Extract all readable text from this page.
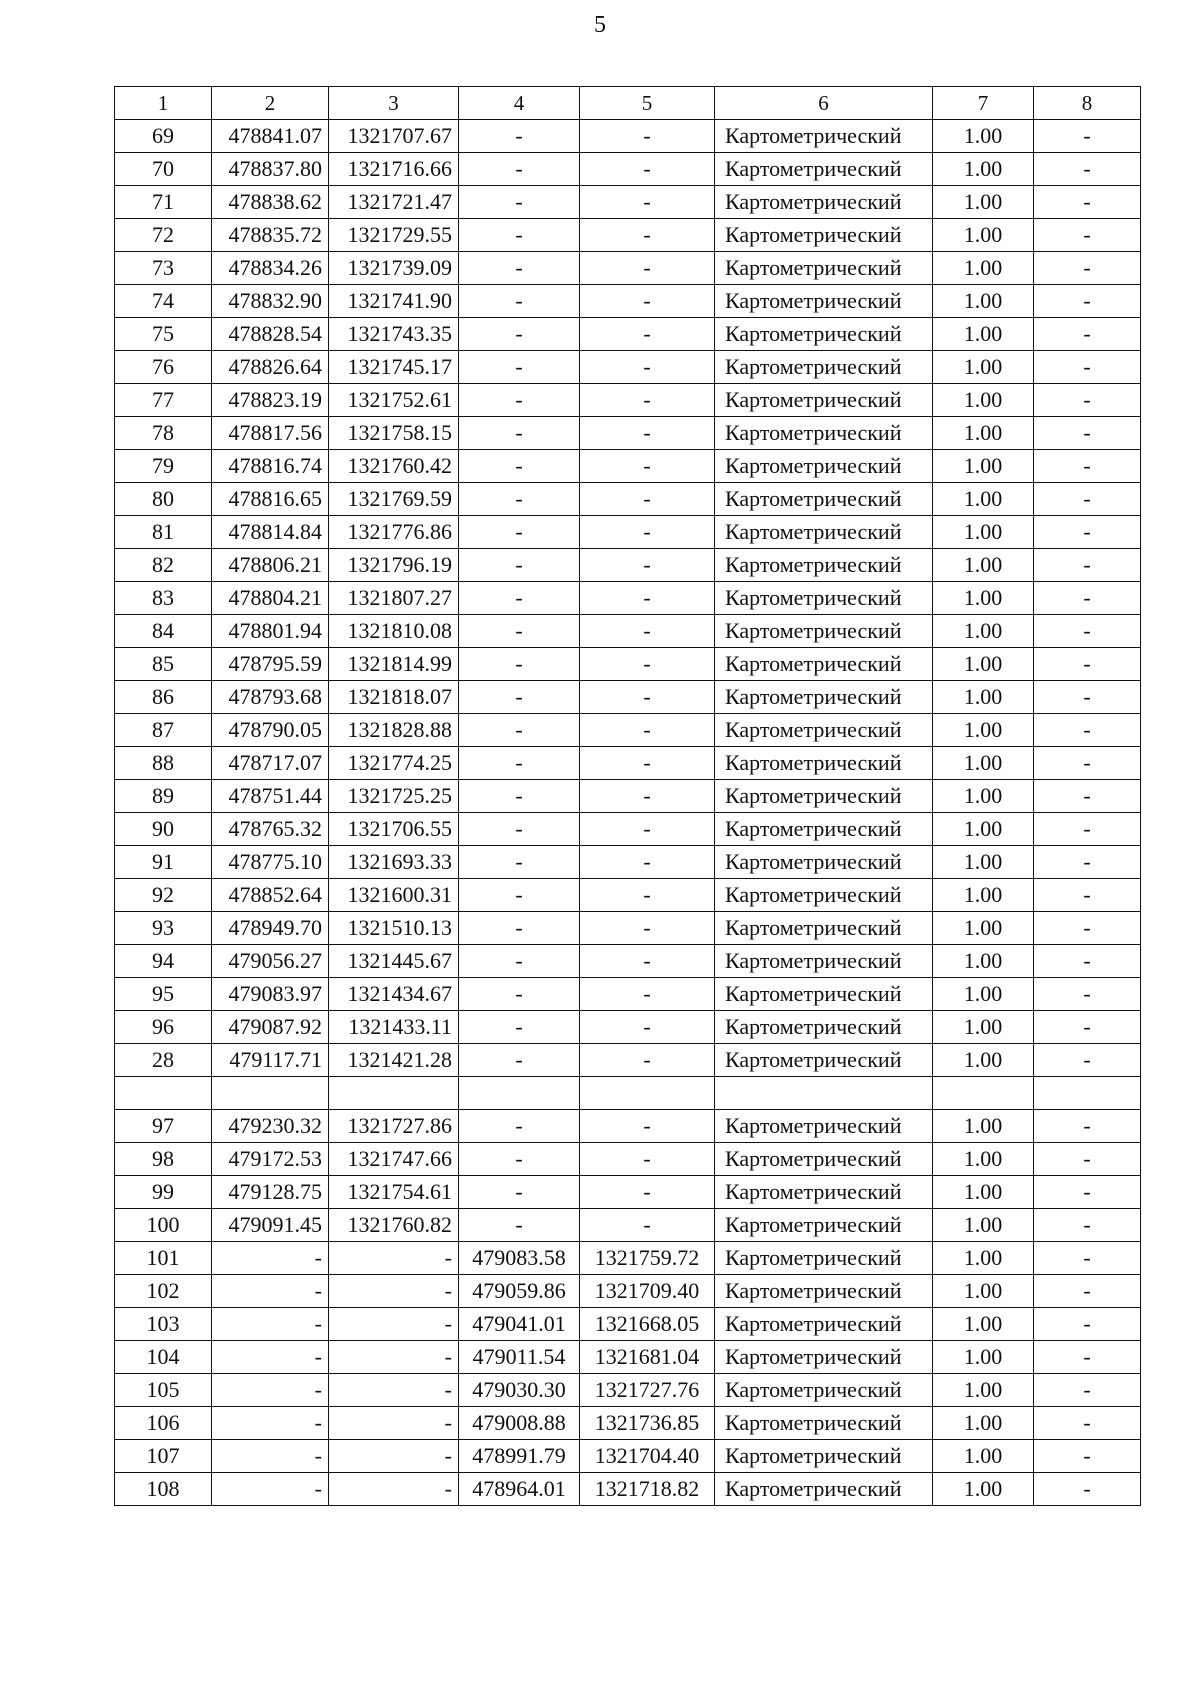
5
1	2	3	4	5	6	7	8
69	478841.07	1321707.67	-	-	Картометрический	1.00	-
70	478837.80	1321716.66	-	-	Картометрический	1.00	-
71	478838.62	1321721.47	-	-	Картометрический	1.00	-
72	478835.72	1321729.55	-	-	Картометрический	1.00	-
73	478834.26	1321739.09	-	-	Картометрический	1.00	-
74	478832.90	1321741.90	-	-	Картометрический	1.00	-
75	478828.54	1321743.35	-	-	Картометрический	1.00	-
76	478826.64	1321745.17	-	-	Картометрический	1.00	-
77	478823.19	1321752.61	-	-	Картометрический	1.00	-
78	478817.56	1321758.15	-	-	Картометрический	1.00	-
79	478816.74	1321760.42	-	-	Картометрический	1.00	-
80	478816.65	1321769.59	-	-	Картометрический	1.00	-
81	478814.84	1321776.86	-	-	Картометрический	1.00	-
82	478806.21	1321796.19	-	-	Картометрический	1.00	-
83	478804.21	1321807.27	-	-	Картометрический	1.00	-
84	478801.94	1321810.08	-	-	Картометрический	1.00	-
85	478795.59	1321814.99	-	-	Картометрический	1.00	-
86	478793.68	1321818.07	-	-	Картометрический	1.00	-
87	478790.05	1321828.88	-	-	Картометрический	1.00	-
88	478717.07	1321774.25	-	-	Картометрический	1.00	-
89	478751.44	1321725.25	-	-	Картометрический	1.00	-
90	478765.32	1321706.55	-	-	Картометрический	1.00	-
91	478775.10	1321693.33	-	-	Картометрический	1.00	-
92	478852.64	1321600.31	-	-	Картометрический	1.00	-
93	478949.70	1321510.13	-	-	Картометрический	1.00	-
94	479056.27	1321445.67	-	-	Картометрический	1.00	-
95	479083.97	1321434.67	-	-	Картометрический	1.00	-
96	479087.92	1321433.11	-	-	Картометрический	1.00	-
28	479117.71	1321421.28	-	-	Картометрический	1.00	-

97	479230.32	1321727.86	-	-	Картометрический	1.00	-
98	479172.53	1321747.66	-	-	Картометрический	1.00	-
99	479128.75	1321754.61	-	-	Картометрический	1.00	-
100	479091.45	1321760.82	-	-	Картометрический	1.00	-
101	-	-	479083.58	1321759.72	Картометрический	1.00	-
102	-	-	479059.86	1321709.40	Картометрический	1.00	-
103	-	-	479041.01	1321668.05	Картометрический	1.00	-
104	-	-	479011.54	1321681.04	Картометрический	1.00	-
105	-	-	479030.30	1321727.76	Картометрический	1.00	-
106	-	-	479008.88	1321736.85	Картометрический	1.00	-
107	-	-	478991.79	1321704.40	Картометрический	1.00	-
108	-	-	478964.01	1321718.82	Картометрический	1.00	-
